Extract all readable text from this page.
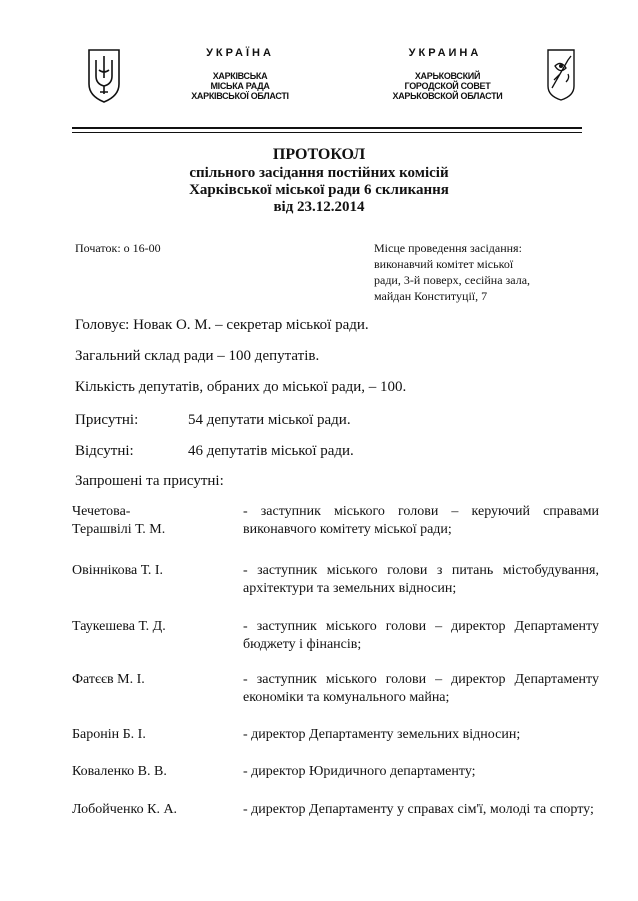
УКРАЇНА
ХАРКІВСЬКА
МІСЬКА РАДА
ХАРКІВСЬКОЇ ОБЛАСТІ
УКРАИНА
ХАРЬКОВСКИЙ
ГОРОДСКОЙ СОВЕТ
ХАРЬКОВСКОЙ ОБЛАСТИ
ПРОТОКОЛ
спільного засідання постійних комісій
Харківської міської ради 6 скликання
від 23.12.2014
Початок: о 16-00	Місце проведення засідання:
виконавчий комітет міської
ради, 3-й поверх, сесійна зала,
майдан Конституції, 7
Головує: Новак О. М. – секретар міської ради.
Загальний склад ради – 100 депутатів.
Кількість депутатів, обраних до міської ради, – 100.
Присутні:	54 депутати міської ради.
Відсутні:	46 депутатів міської ради.
Запрошені та присутні:
Чечетова-
Терашвілі Т. М.
- заступник міського голови – керуючий справами виконавчого комітету міської ради;
Овіннікова Т. І.	- заступник міського голови з питань містобудування, архітектури та земельних відносин;
Таукешева Т. Д.	- заступник міського голови – директор Департаменту бюджету і фінансів;
Фатєєв М. І.	- заступник міського голови – директор Департаменту економіки та комунального майна;
Баронін Б. І.	- директор Департаменту земельних відносин;
Коваленко В. В.	- директор Юридичного департаменту;
Лобойченко К. А.	- директор Департаменту у справах сім'ї, молоді та спорту;
